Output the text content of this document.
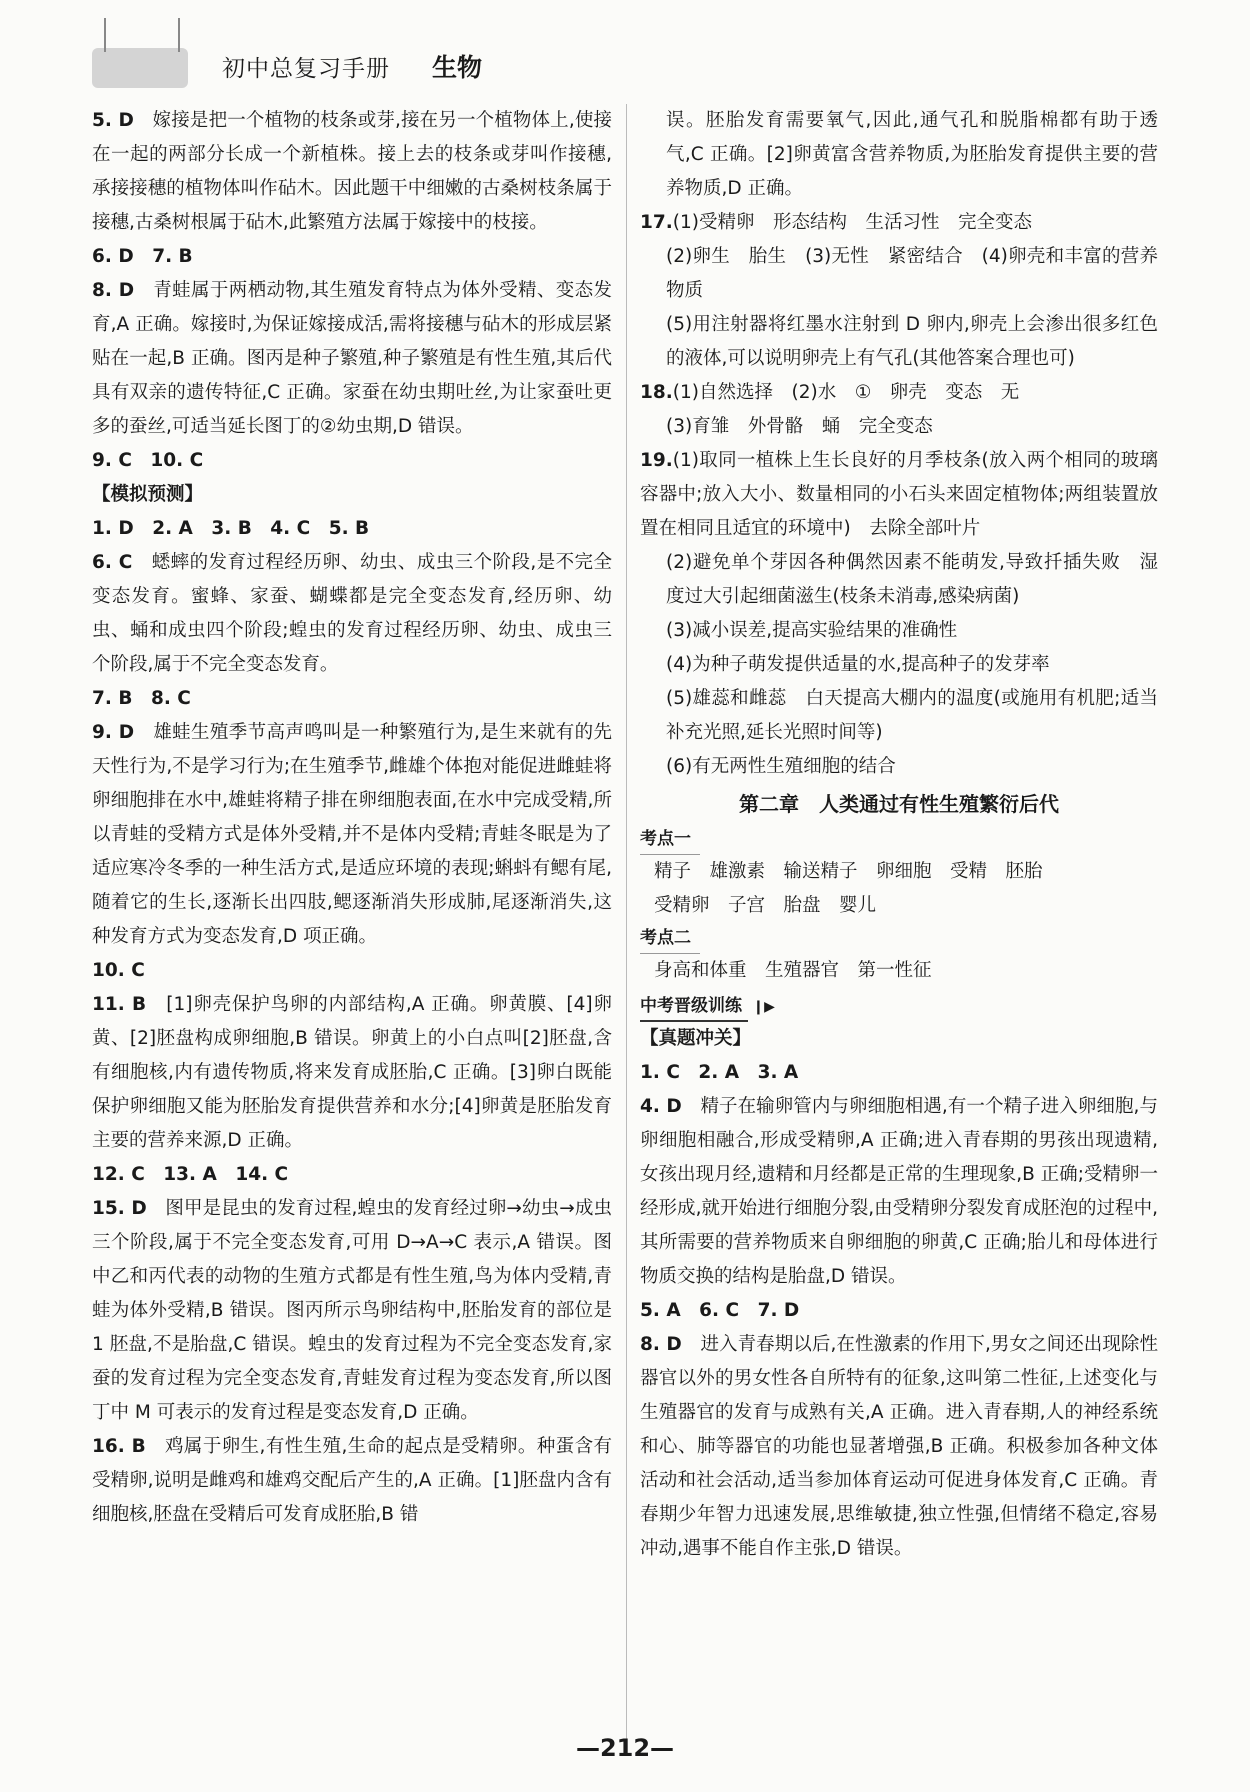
初中总复习手册 生物

5. D　 嫁接是把一个植物的枝条或芽,接在另一个植物体上,使接在一起的两部分长成一个新植株。接上去的枝条或芽叫作接穗,承接接穗的植物体叫作砧木。因此题干中细嫩的古桑树枝条属于接穗,古桑树根属于砧木,此繁殖方法属于嫁接中的枝接。

6. D　7. B

8. D　 青蛙属于两栖动物,其生殖发育特点为体外受精、变态发育,A 正确。嫁接时,为保证嫁接成活,需将接穗与砧木的形成层紧贴在一起,B 正确。图丙是种子繁殖,种子繁殖是有性生殖,其后代具有双亲的遗传特征,C 正确。家蚕在幼虫期吐丝,为让家蚕吐更多的蚕丝,可适当延长图丁的②幼虫期,D 错误。

9. C　10. C

【模拟预测】

1. D　2. A　3. B　4. C　5. B

6. C　 蟋蟀的发育过程经历卵、幼虫、成虫三个阶段,是不完全变态发育。蜜蜂、家蚕、蝴蝶都是完全变态发育,经历卵、幼虫、蛹和成虫四个阶段;蝗虫的发育过程经历卵、幼虫、成虫三个阶段,属于不完全变态发育。

7. B　8. C

9. D　 雄蛙生殖季节高声鸣叫是一种繁殖行为,是生来就有的先天性行为,不是学习行为;在生殖季节,雌雄个体抱对能促进雌蛙将卵细胞排在水中,雄蛙将精子排在卵细胞表面,在水中完成受精,所以青蛙的受精方式是体外受精,并不是体内受精;青蛙冬眠是为了适应寒冷冬季的一种生活方式,是适应环境的表现;蝌蚪有鳃有尾,随着它的生长,逐渐长出四肢,鳃逐渐消失形成肺,尾逐渐消失,这种发育方式为变态发育,D 项正确。

10. C

11. B　 [1]卵壳保护鸟卵的内部结构,A 正确。卵黄膜、[4]卵黄、[2]胚盘构成卵细胞,B 错误。卵黄上的小白点叫[2]胚盘,含有细胞核,内有遗传物质,将来发育成胚胎,C 正确。[3]卵白既能保护卵细胞又能为胚胎发育提供营养和水分;[4]卵黄是胚胎发育主要的营养来源,D 正确。

12. C　13. A　14. C

15. D　 图甲是昆虫的发育过程,蝗虫的发育经过卵→幼虫→成虫三个阶段,属于不完全变态发育,可用 D→A→C 表示,A 错误。图中乙和丙代表的动物的生殖方式都是有性生殖,鸟为体内受精,青蛙为体外受精,B 错误。图丙所示鸟卵结构中,胚胎发育的部位是 1 胚盘,不是胎盘,C 错误。蝗虫的发育过程为不完全变态发育,家蚕的发育过程为完全变态发育,青蛙发育过程为变态发育,所以图丁中 M 可表示的发育过程是变态发育,D 正确。

16. B　 鸡属于卵生,有性生殖,生命的起点是受精卵。种蛋含有受精卵,说明是雌鸡和雄鸡交配后产生的,A 正确。[1]胚盘内含有细胞核,胚盘在受精后可发育成胚胎,B 错

误。胚胎发育需要氧气,因此,通气孔和脱脂棉都有助于透气,C 正确。[2]卵黄富含营养物质,为胚胎发育提供主要的营养物质,D 正确。

17.(1)受精卵　形态结构　生活习性　完全变态

(2)卵生　胎生　(3)无性　紧密结合　(4)卵壳和丰富的营养物质

(5)用注射器将红墨水注射到 D 卵内,卵壳上会渗出很多红色的液体,可以说明卵壳上有气孔(其他答案合理也可)

18.(1)自然选择　(2)水　①　卵壳　变态　无

(3)育雏　外骨骼　蛹　完全变态

19.(1)取同一植株上生长良好的月季枝条(放入两个相同的玻璃容器中;放入大小、数量相同的小石头来固定植物体;两组装置放置在相同且适宜的环境中)　去除全部叶片

(2)避免单个芽因各种偶然因素不能萌发,导致扦插失败　湿度过大引起细菌滋生(枝条未消毒,感染病菌)

(3)减小误差,提高实验结果的准确性

(4)为种子萌发提供适量的水,提高种子的发芽率

(5)雄蕊和雌蕊　白天提高大棚内的温度(或施用有机肥;适当补充光照,延长光照时间等)

(6)有无两性生殖细胞的结合

第二章　人类通过有性生殖繁衍后代

考点一

精子　雄激素　输送精子　卵细胞　受精　胚胎

受精卵　子宫　胎盘　婴儿

考点二

身高和体重　生殖器官　第一性征

中考晋级训练 ❙▶
【真题冲关】

1. C　2. A　3. A

4. D　 精子在输卵管内与卵细胞相遇,有一个精子进入卵细胞,与卵细胞相融合,形成受精卵,A 正确;进入青春期的男孩出现遗精,女孩出现月经,遗精和月经都是正常的生理现象,B 正确;受精卵一经形成,就开始进行细胞分裂,由受精卵分裂发育成胚泡的过程中,其所需要的营养物质来自卵细胞的卵黄,C 正确;胎儿和母体进行物质交换的结构是胎盘,D 错误。

5. A　6. C　7. D

8. D　 进入青春期以后,在性激素的作用下,男女之间还出现除性器官以外的男女性各自所特有的征象,这叫第二性征,上述变化与生殖器官的发育与成熟有关,A 正确。进入青春期,人的神经系统和心、肺等器官的功能也显著增强,B 正确。积极参加各种文体活动和社会活动,适当参加体育运动可促进身体发育,C 正确。青春期少年智力迅速发展,思维敏捷,独立性强,但情绪不稳定,容易冲动,遇事不能自作主张,D 错误。

—212—
